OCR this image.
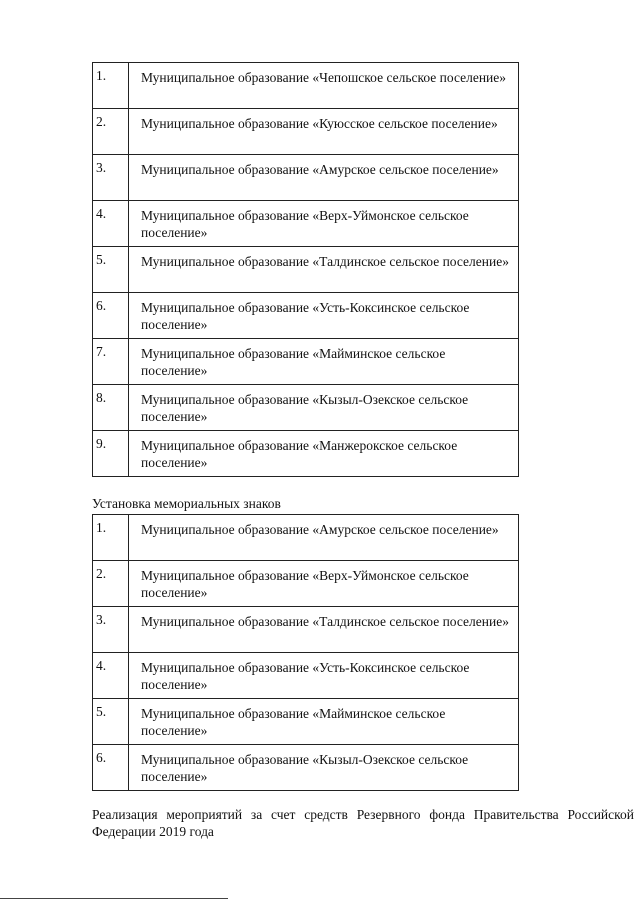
1.	Муниципальное образование «Чепошское сельское поселение»
2.	Муниципальное образование «Куюсское сельское поселение»
3.	Муниципальное образование «Амурское сельское поселение»
4.	Муниципальное образование «Верх-Уймонское сельское поселение»
5.	Муниципальное образование «Талдинское сельское поселение»
6.	Муниципальное образование «Усть-Коксинское сельское поселение»
7.	Муниципальное образование «Майминское сельское поселение»
8.	Муниципальное образование «Кызыл-Озекское сельское поселение»
9.	Муниципальное образование «Манжерокское сельское поселение»
Установка мемориальных знаков
1.	Муниципальное образование «Амурское сельское поселение»
2.	Муниципальное образование «Верх-Уймонское сельское поселение»
3.	Муниципальное образование «Талдинское сельское поселение»
4.	Муниципальное образование «Усть-Коксинское сельское поселение»
5.	Муниципальное образование «Майминское сельское поселение»
6.	Муниципальное образование «Кызыл-Озекское сельское поселение»
Реализация мероприятий за счет средств Резервного фонда Правительства Российской Федерации 2019 года
